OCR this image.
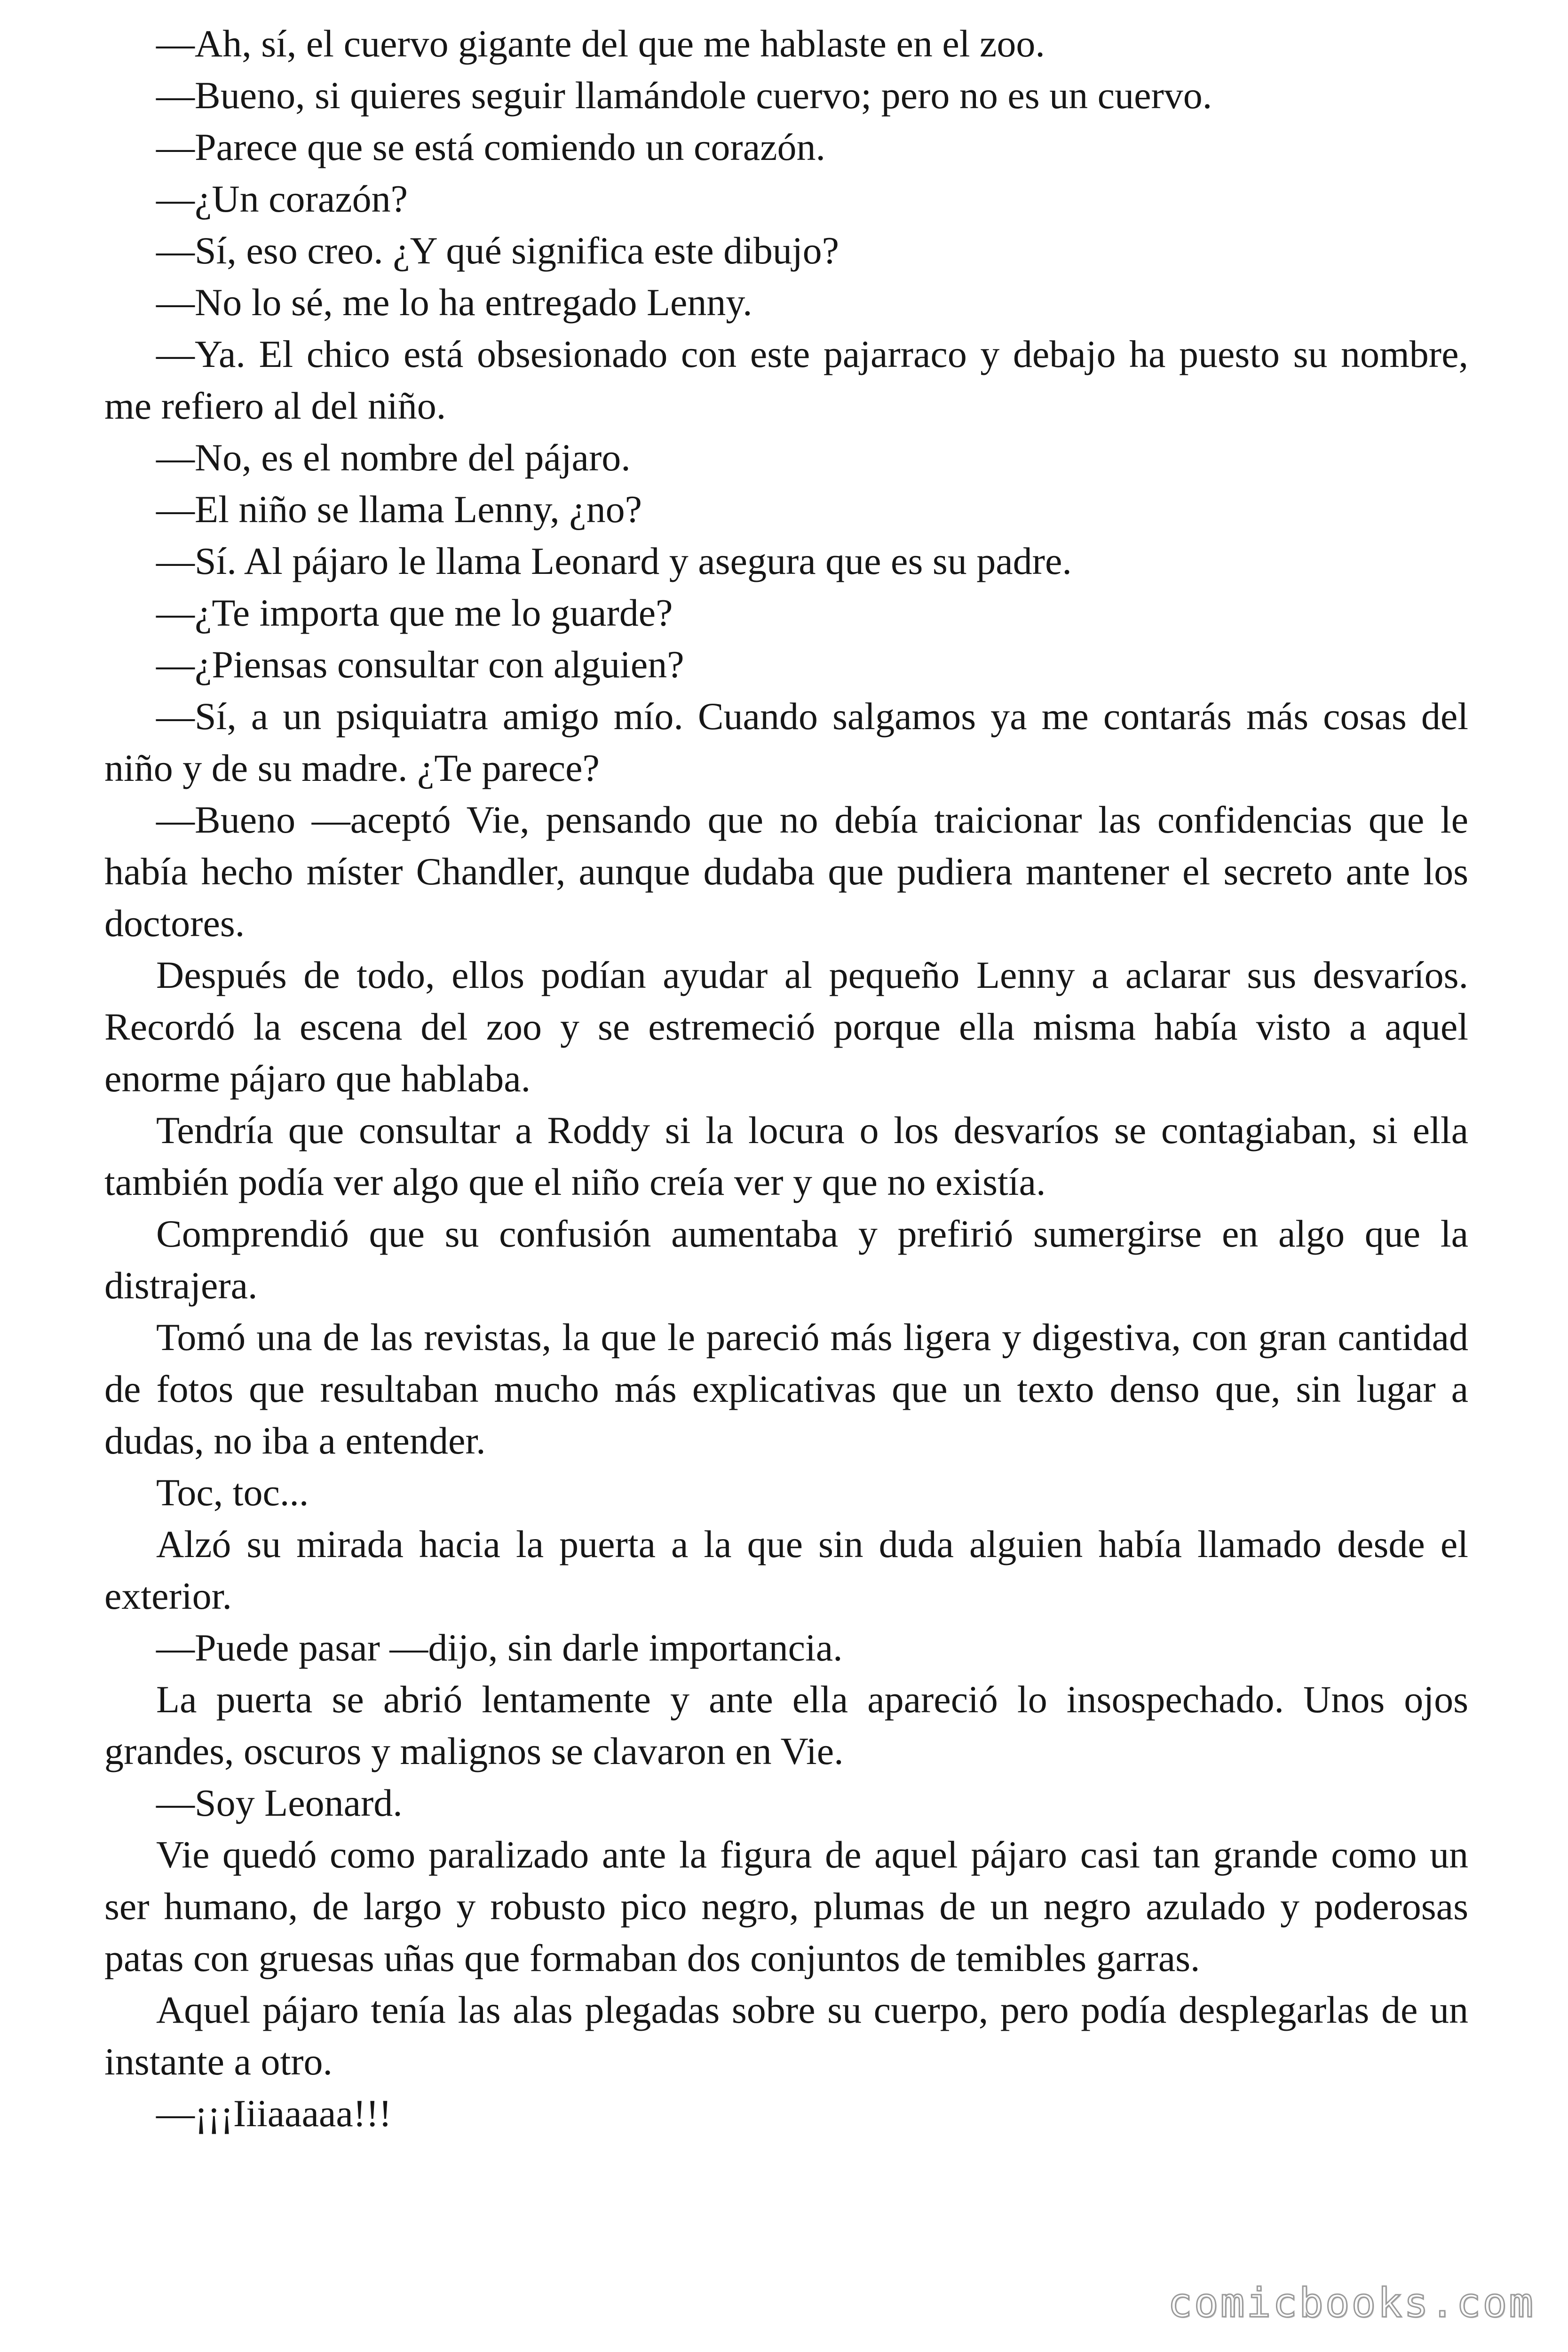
—Ah, sí, el cuervo gigante del que me hablaste en el zoo.

—Bueno, si quieres seguir llamándole cuervo; pero no es un cuervo.

—Parece que se está comiendo un corazón.

—¿Un corazón?

—Sí, eso creo. ¿Y qué significa este dibujo?

—No lo sé, me lo ha entregado Lenny.

—Ya. El chico está obsesionado con este pajarraco y debajo ha puesto su nombre, me refiero al del niño.

—No, es el nombre del pájaro.

—El niño se llama Lenny, ¿no?

—Sí. Al pájaro le llama Leonard y asegura que es su padre.

—¿Te importa que me lo guarde?

—¿Piensas consultar con alguien?

—Sí, a un psiquiatra amigo mío. Cuando salgamos ya me contarás más cosas del niño y de su madre. ¿Te parece?

—Bueno —aceptó Vie, pensando que no debía traicionar las confidencias que le había hecho míster Chandler, aunque dudaba que pudiera mantener el secreto ante los doctores.

Después de todo, ellos podían ayudar al pequeño Lenny a aclarar sus desvaríos. Recordó la escena del zoo y se estremeció porque ella misma había visto a aquel enorme pájaro que hablaba.

Tendría que consultar a Roddy si la locura o los desvaríos se contagiaban, si ella también podía ver algo que el niño creía ver y que no existía.

Comprendió que su confusión aumentaba y prefirió sumergirse en algo que la distrajera.

Tomó una de las revistas, la que le pareció más ligera y digestiva, con gran cantidad de fotos que resultaban mucho más explicativas que un texto denso que, sin lugar a dudas, no iba a entender.

Toc, toc...

Alzó su mirada hacia la puerta a la que sin duda alguien había llamado desde el exterior.

—Puede pasar —dijo, sin darle importancia.

La puerta se abrió lentamente y ante ella apareció lo insospechado. Unos ojos grandes, oscuros y malignos se clavaron en Vie.

—Soy Leonard.

Vie quedó como paralizado ante la figura de aquel pájaro casi tan grande como un ser humano, de largo y robusto pico negro, plumas de un negro azulado y poderosas patas con gruesas uñas que formaban dos conjuntos de temibles garras.

Aquel pájaro tenía las alas plegadas sobre su cuerpo, pero podía desplegarlas de un instante a otro.

—¡¡¡Iiiaaaaa!!!

comicbooks.com
